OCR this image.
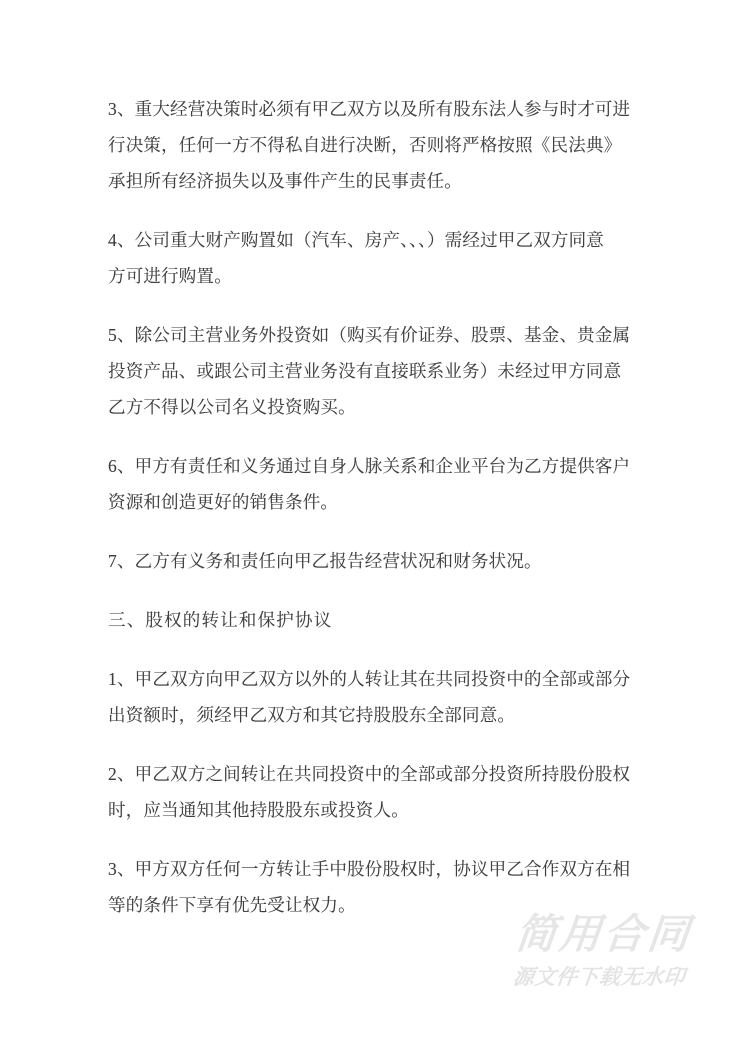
3、重大经营决策时必须有甲乙双方以及所有股东法人参与时才可进
行决策，任何一方不得私自进行决断，否则将严格按照《民法典》
承担所有经济损失以及事件产生的民事责任。
4、公司重大财产购置如（汽车、房产、、、）需经过甲乙双方同意
方可进行购置。
5、除公司主营业务外投资如（购买有价证券、股票、基金、贵金属
投资产品、或跟公司主营业务没有直接联系业务）未经过甲方同意
乙方不得以公司名义投资购买。
6、甲方有责任和义务通过自身人脉关系和企业平台为乙方提供客户
资源和创造更好的销售条件。
7、乙方有义务和责任向甲乙报告经营状况和财务状况。
三、股权的转让和保护协议
1、甲乙双方向甲乙双方以外的人转让其在共同投资中的全部或部分
出资额时，须经甲乙双方和其它持股股东全部同意。
2、甲乙双方之间转让在共同投资中的全部或部分投资所持股份股权
时，应当通知其他持股股东或投资人。
3、甲方双方任何一方转让手中股份股权时，协议甲乙合作双方在相
等的条件下享有优先受让权力。
简用合同
源文件下载无水印
